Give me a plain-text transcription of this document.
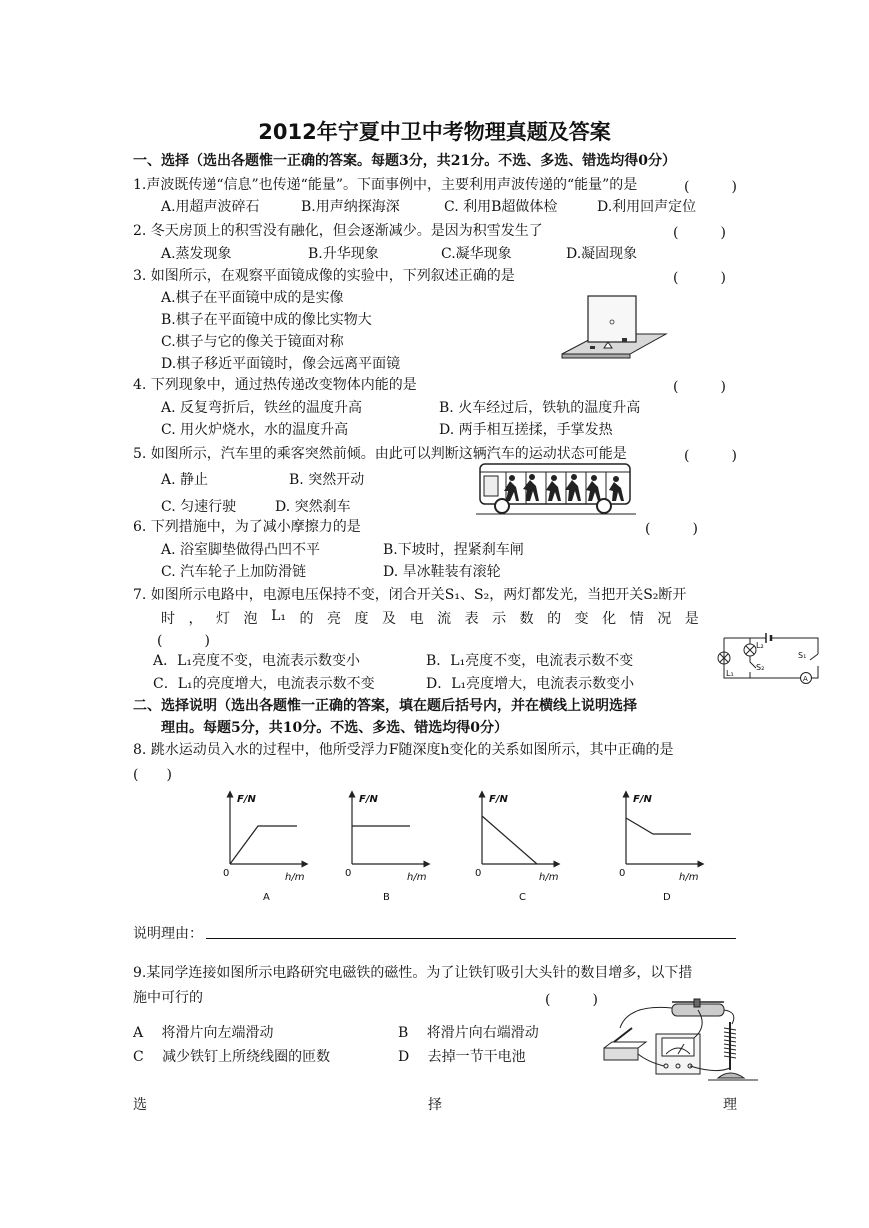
2012年宁夏中卫中考物理真题及答案
一、选择（选出各题惟一正确的答案。每题3分，共21分。不选、多选、错选均得0分）
1.声波既传递“信息”也传递“能量”。下面事例中，主要利用声波传递的“能量”的是	(　　　)
A.用超声波碎石	B.用声纳探海深	C. 利用B超做体检	D.利用回声定位
2. 冬天房顶上的积雪没有融化，但会逐渐减少。是因为积雪发生了	(　　　)
A.蒸发现象	B.升华现象	C.凝华现象	D.凝固现象
3. 如图所示，在观察平面镜成像的实验中，下列叙述正确的是	(　　　)
A.棋子在平面镜中成的是实像
B.棋子在平面镜中成的像比实物大
C.棋子与它的像关于镜面对称
D.棋子移近平面镜时，像会远离平面镜
4. 下列现象中，通过热传递改变物体内能的是	(　　　)
A. 反复弯折后，铁丝的温度升高	B. 火车经过后，铁轨的温度升高
C. 用火炉烧水，水的温度升高	D. 两手相互搓揉，手掌发热
5. 如图所示，汽车里的乘客突然前倾。由此可以判断这辆汽车的运动状态可能是	(　　　)
A. 静止	B. 突然开动
C. 匀速行驶	D. 突然刹车
6. 下列措施中，为了减小摩擦力的是	(　　　)
A. 浴室脚垫做得凸凹不平	B.下坡时，捏紧刹车闸
C. 汽车轮子上加防滑链	D. 旱冰鞋装有滚轮
7. 如图所示电路中，电源电压保持不变，闭合开关S₁、S₂，两灯都发光，当把开关S₂断开
时 ， 灯 泡 L₁ 的 亮 度 及 电 流 表 示 数 的 变 化 情 况 是
(　　　)
A．L₁亮度不变，电流表示数变小	B．L₁亮度不变，电流表示数不变
C．L₁的亮度增大，电流表示数不变	D．L₁亮度增大，电流表示数变小
L₂
S₂
L₁
S₁
A
二、选择说明（选出各题惟一正确的答案，填在题后括号内，并在横线上说明选择
理由。每题5分，共10分。不选、多选、错选均得0分）
8. 跳水运动员入水的过程中，他所受浮力F随深度h变化的关系如图所示，其中正确的是
(　　)
F/N
0	h/m
A
F/N
0	h/m
B
F/N
0	h/m
C
F/N
0	h/m
D
说明理由：
9.某同学连接如图所示电路研究电磁铁的磁性。为了让铁钉吸引大头针的数目增多，以下措
施中可行的	(　　　)
A　 将滑片向左端滑动	B　 将滑片向右端滑动
C　 减少铁钉上所绕线圈的匝数	D　 去掉一节干电池
选	择	理
